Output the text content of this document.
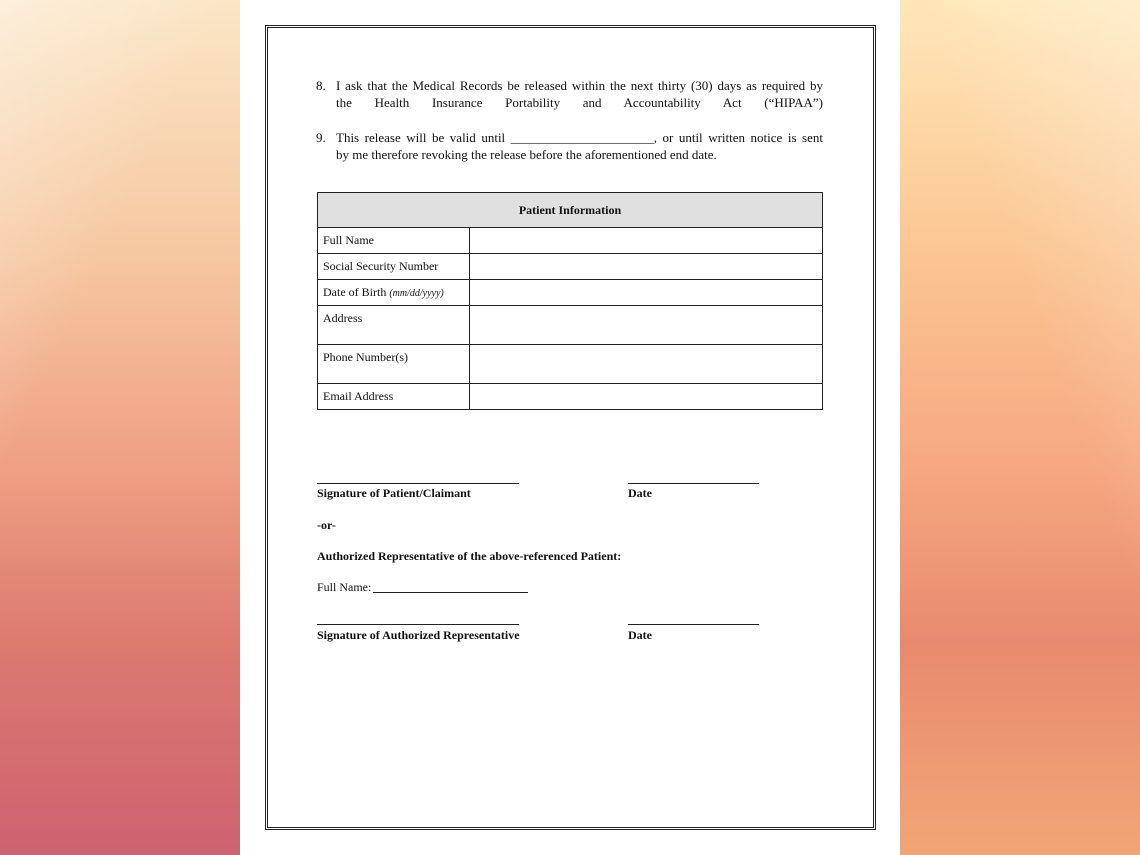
8. I ask that the Medical Records be released within the next thirty (30) days as required by
the Health Insurance Portability and Accountability Act (“HIPAA”)
9. This release will be valid until ______________________, or until written notice is sent
by me therefore revoking the release before the aforementioned end date.
Patient Information	
Full Name	
Social Security Number	
Date of Birth (mm/dd/yyyy)	
Address	
Phone Number(s)	
Email Address	
Signature of Patient/Claimant	Date
-or-
Authorized Representative of the above-referenced Patient:
Full Name:
Signature of Authorized Representative	Date
